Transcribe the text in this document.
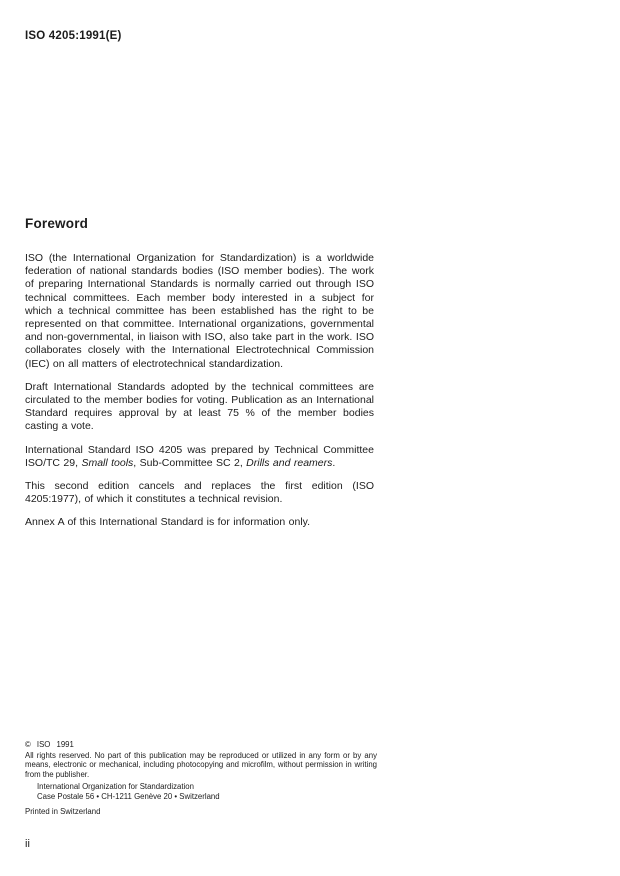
ISO 4205:1991(E)
Foreword

ISO (the International Organization for Standardization) is a worldwide federation of national standards bodies (ISO member bodies). The work of preparing International Standards is normally carried out through ISO technical committees. Each member body interested in a subject for which a technical committee has been established has the right to be represented on that committee. International organizations, governmental and non-governmental, in liaison with ISO, also take part in the work. ISO collaborates closely with the International Electrotechnical Commission (IEC) on all matters of electrotechnical standardization.

Draft International Standards adopted by the technical committees are circulated to the member bodies for voting. Publication as an International Standard requires approval by at least 75 % of the member bodies casting a vote.

International Standard ISO 4205 was prepared by Technical Committee ISO/TC 29, Small tools, Sub-Committee SC 2, Drills and reamers.

This second edition cancels and replaces the first edition (ISO 4205:1977), of which it constitutes a technical revision.

Annex A of this International Standard is for information only.

© ISO 1991

All rights reserved. No part of this publication may be reproduced or utilized in any form or by any means, electronic or mechanical, including photocopying and microfilm, without permission in writing from the publisher.

International Organization for Standardization
Case Postale 56 • CH-1211 Genève 20 • Switzerland

Printed in Switzerland

ii
